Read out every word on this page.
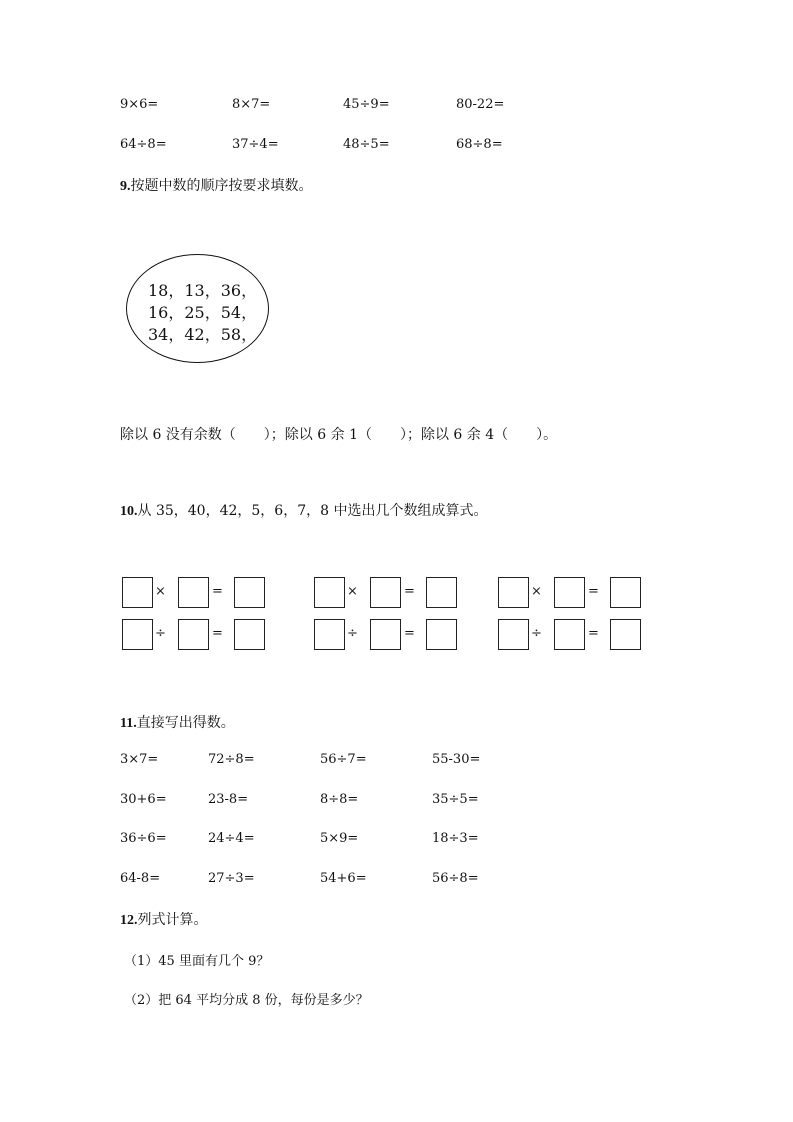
9×6=	8×7=	45÷9=	80-22=
64÷8=	37÷4=	48÷5=	68÷8=
9.按题中数的顺序按要求填数。
18，13，36，
16，25，54，
34，42，58，
除以 6 没有余数（　　）；除以 6 余 1（　　）；除以 6 余 4（　　）。
10.从 35，40，42，5，6，7，8 中选出几个数组成算式。
×	=	×	=	×	=
÷	=	÷	=	÷	=
11.直接写出得数。
3×7=	72÷8=	56÷7=	55-30=
30+6=	23-8=	8÷8=	35÷5=
36÷6=	24÷4=	5×9=	18÷3=
64-8=	27÷3=	54+6=	56÷8=
12.列式计算。
（1）45 里面有几个 9？
（2）把 64 平均分成 8 份，每份是多少？
